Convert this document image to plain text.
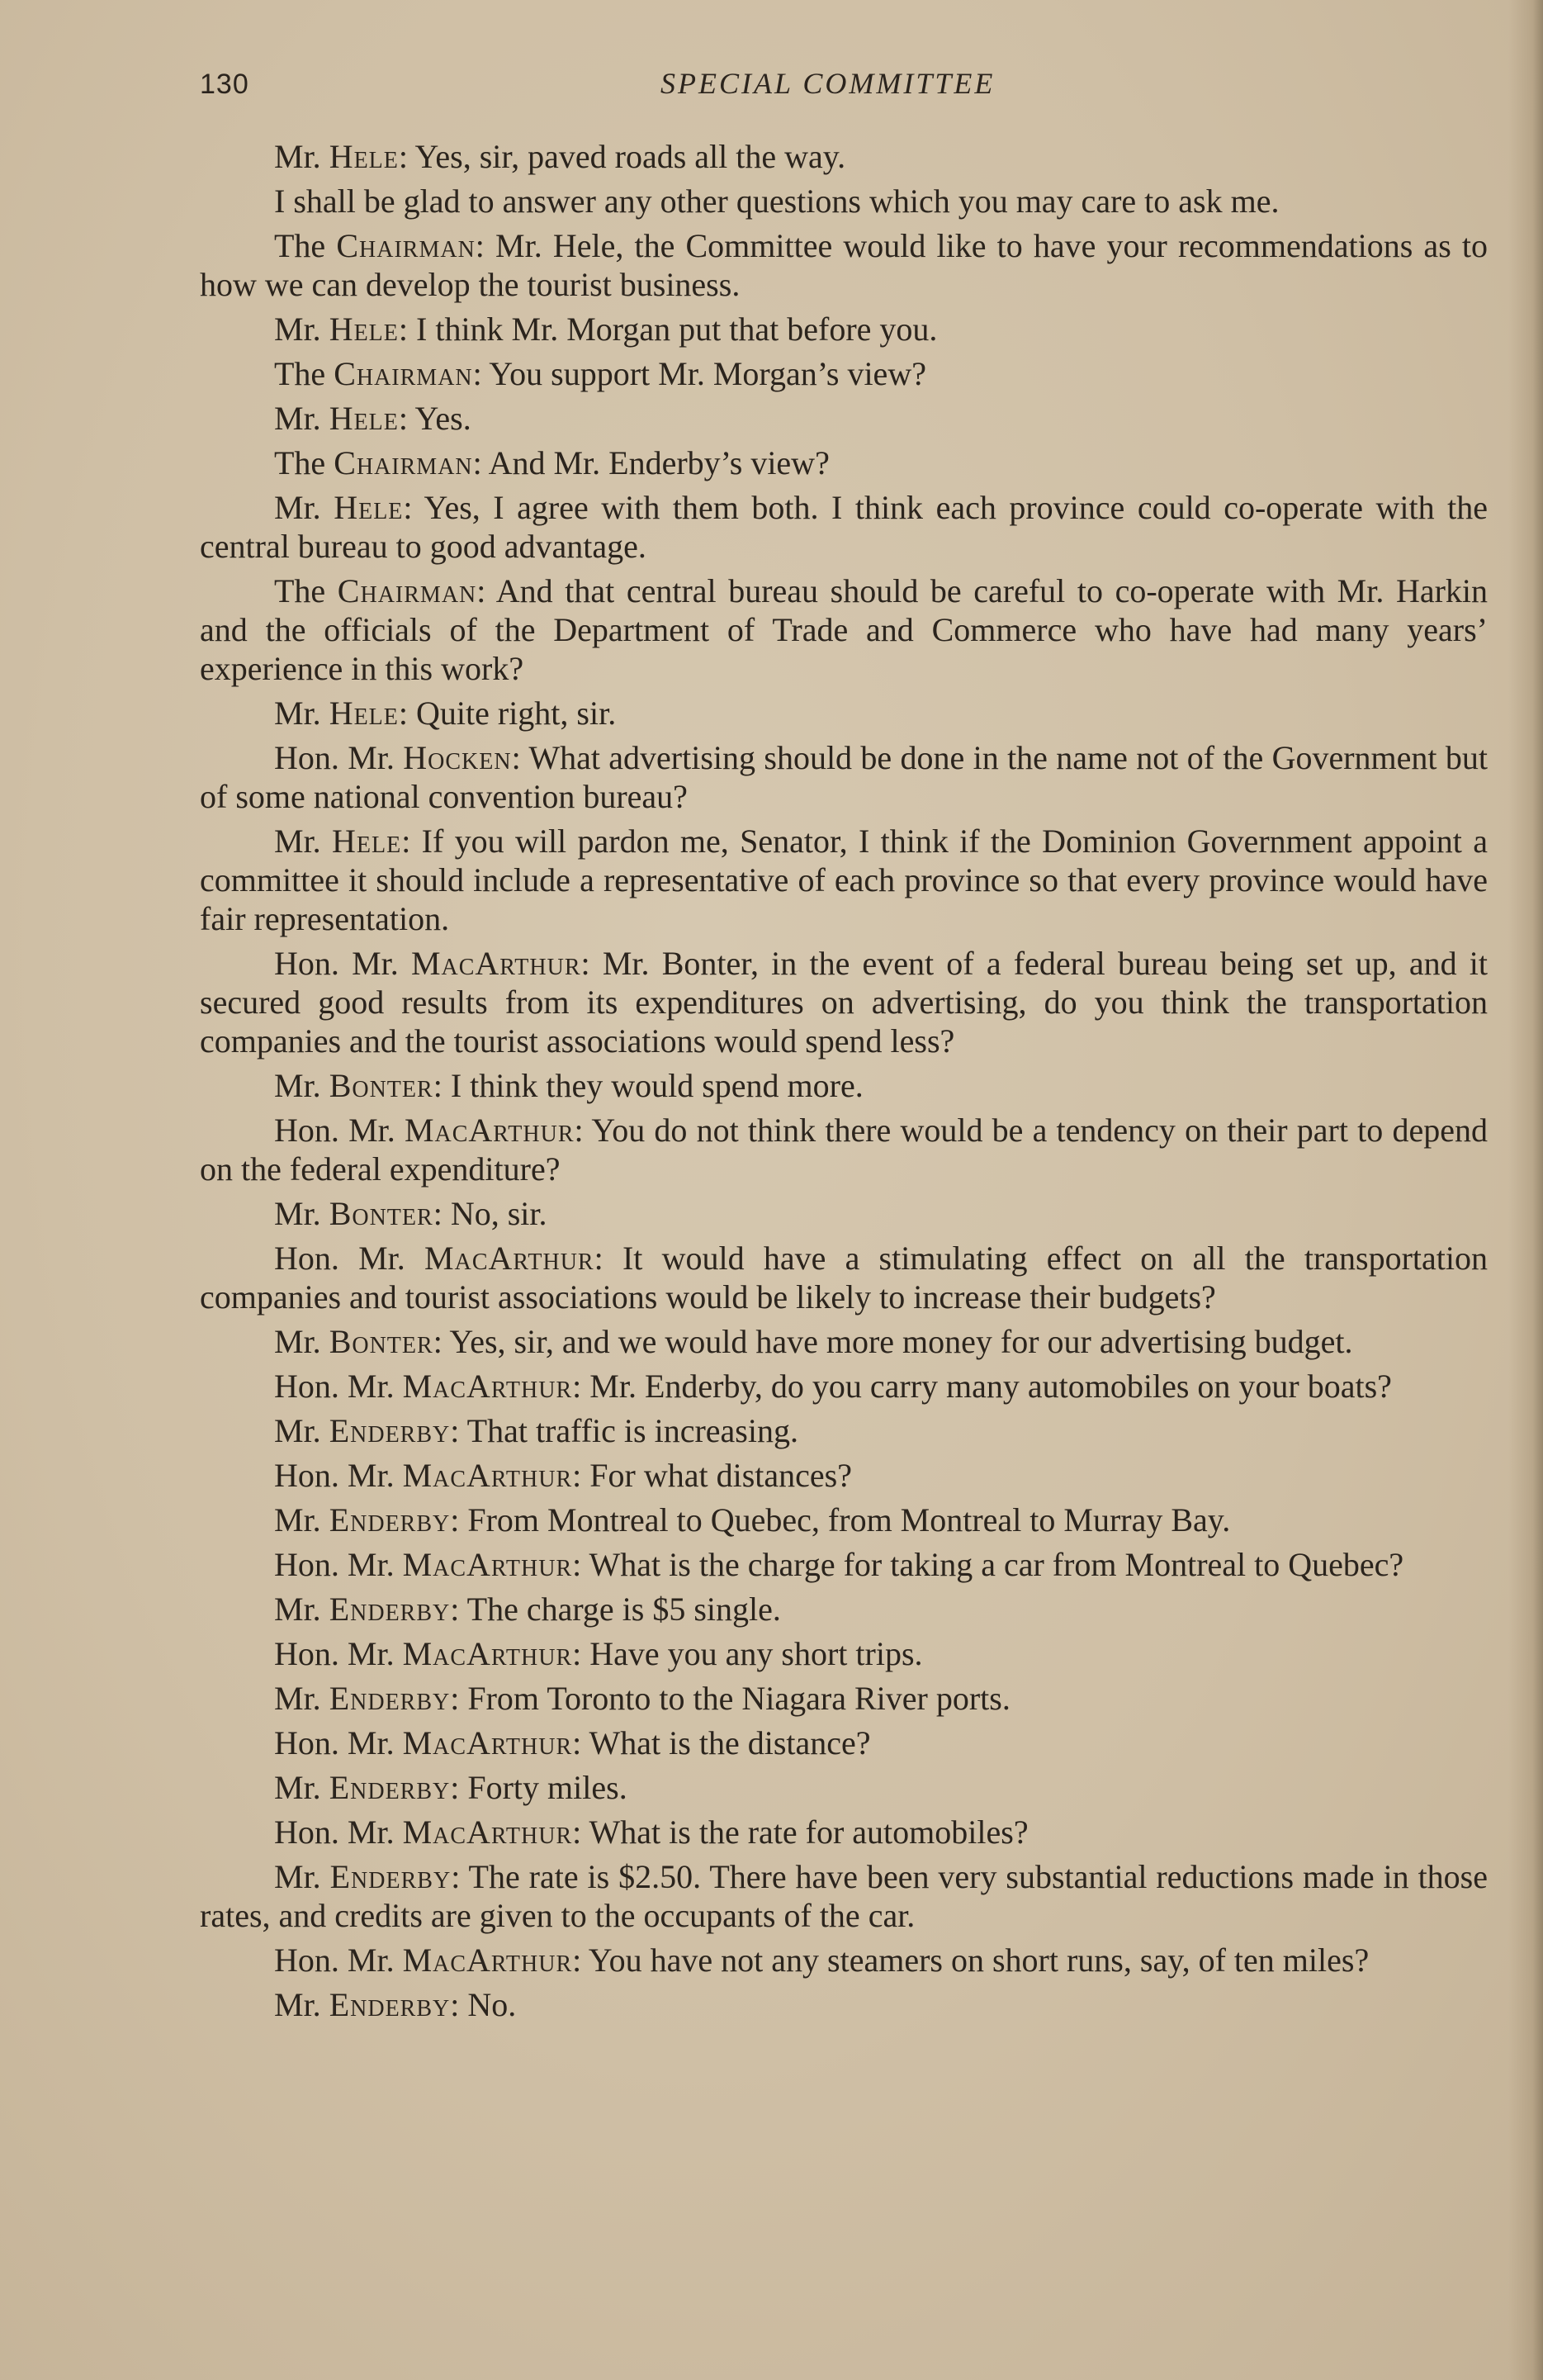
130	SPECIAL COMMITTEE

Mr. Hele: Yes, sir, paved roads all the way.

I shall be glad to answer any other questions which you may care to ask me.

The Chairman: Mr. Hele, the Committee would like to have your recommendations as to how we can develop the tourist business.

Mr. Hele: I think Mr. Morgan put that before you.

The Chairman: You support Mr. Morgan’s view?

Mr. Hele: Yes.

The Chairman: And Mr. Enderby’s view?

Mr. Hele: Yes, I agree with them both. I think each province could co-operate with the central bureau to good advantage.

The Chairman: And that central bureau should be careful to co-operate with Mr. Harkin and the officials of the Department of Trade and Commerce who have had many years’ experience in this work?

Mr. Hele: Quite right, sir.

Hon. Mr. Hocken: What advertising should be done in the name not of the Government but of some national convention bureau?

Mr. Hele: If you will pardon me, Senator, I think if the Dominion Government appoint a committee it should include a representative of each province so that every province would have fair representation.

Hon. Mr. MacArthur: Mr. Bonter, in the event of a federal bureau being set up, and it secured good results from its expenditures on advertising, do you think the transportation companies and the tourist associations would spend less?

Mr. Bonter: I think they would spend more.

Hon. Mr. MacArthur: You do not think there would be a tendency on their part to depend on the federal expenditure?

Mr. Bonter: No, sir.

Hon. Mr. MacArthur: It would have a stimulating effect on all the transportation companies and tourist associations would be likely to increase their budgets?

Mr. Bonter: Yes, sir, and we would have more money for our advertising budget.

Hon. Mr. MacArthur: Mr. Enderby, do you carry many automobiles on your boats?

Mr. Enderby: That traffic is increasing.

Hon. Mr. MacArthur: For what distances?

Mr. Enderby: From Montreal to Quebec, from Montreal to Murray Bay.

Hon. Mr. MacArthur: What is the charge for taking a car from Montreal to Quebec?

Mr. Enderby: The charge is $5 single.

Hon. Mr. MacArthur: Have you any short trips.

Mr. Enderby: From Toronto to the Niagara River ports.

Hon. Mr. MacArthur: What is the distance?

Mr. Enderby: Forty miles.

Hon. Mr. MacArthur: What is the rate for automobiles?

Mr. Enderby: The rate is $2.50. There have been very substantial reductions made in those rates, and credits are given to the occupants of the car.

Hon. Mr. MacArthur: You have not any steamers on short runs, say, of ten miles?

Mr. Enderby: No.
